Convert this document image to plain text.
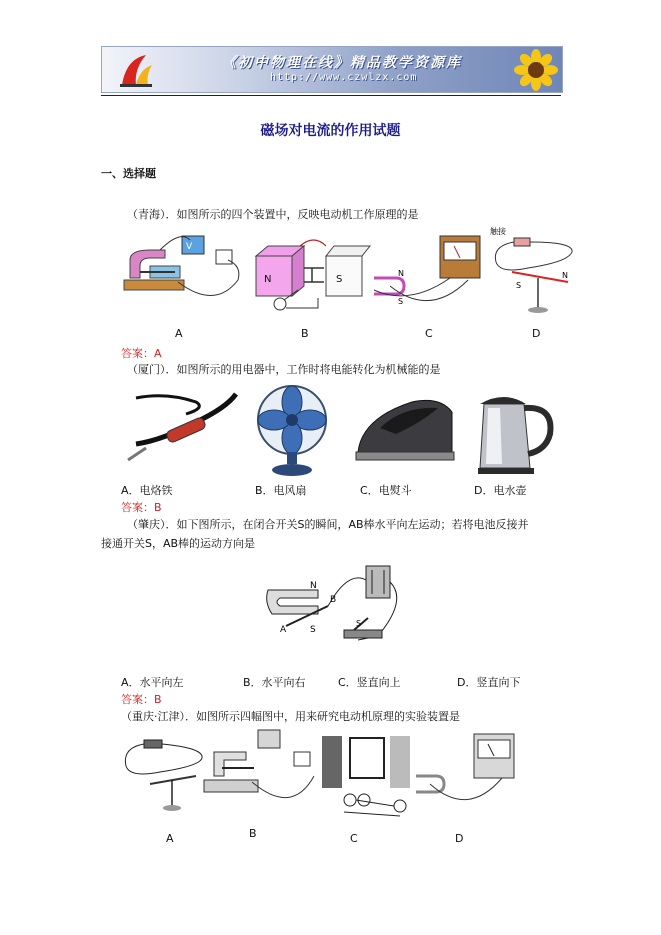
《初中物理在线》精品教学资源库
http://www.czwlzx.com
磁场对电流的作用试题
一、选择题
（青海）．如图所示的四个装置中，反映电动机工作原理的是
V
N	S
N
S
触接
S
N
A	B	C	D
答案：A
（厦门）．如图所示的用电器中，工作时将电能转化为机械能的是
A．电烙铁	B．电风扇	C．电熨斗	D．电水壶
答案：B
（肇庆）．如下图所示，在闭合开关S的瞬间，AB棒水平向左运动；若将电池反接并
接通开关S，AB棒的运动方向是
N
B
A	S
S
A．水平向左	B．水平向右	C．竖直向上	D．竖直向下
答案：B
（重庆·江津）．如图所示四幅图中，用来研究电动机原理的实验装置是
A	B	C	D
